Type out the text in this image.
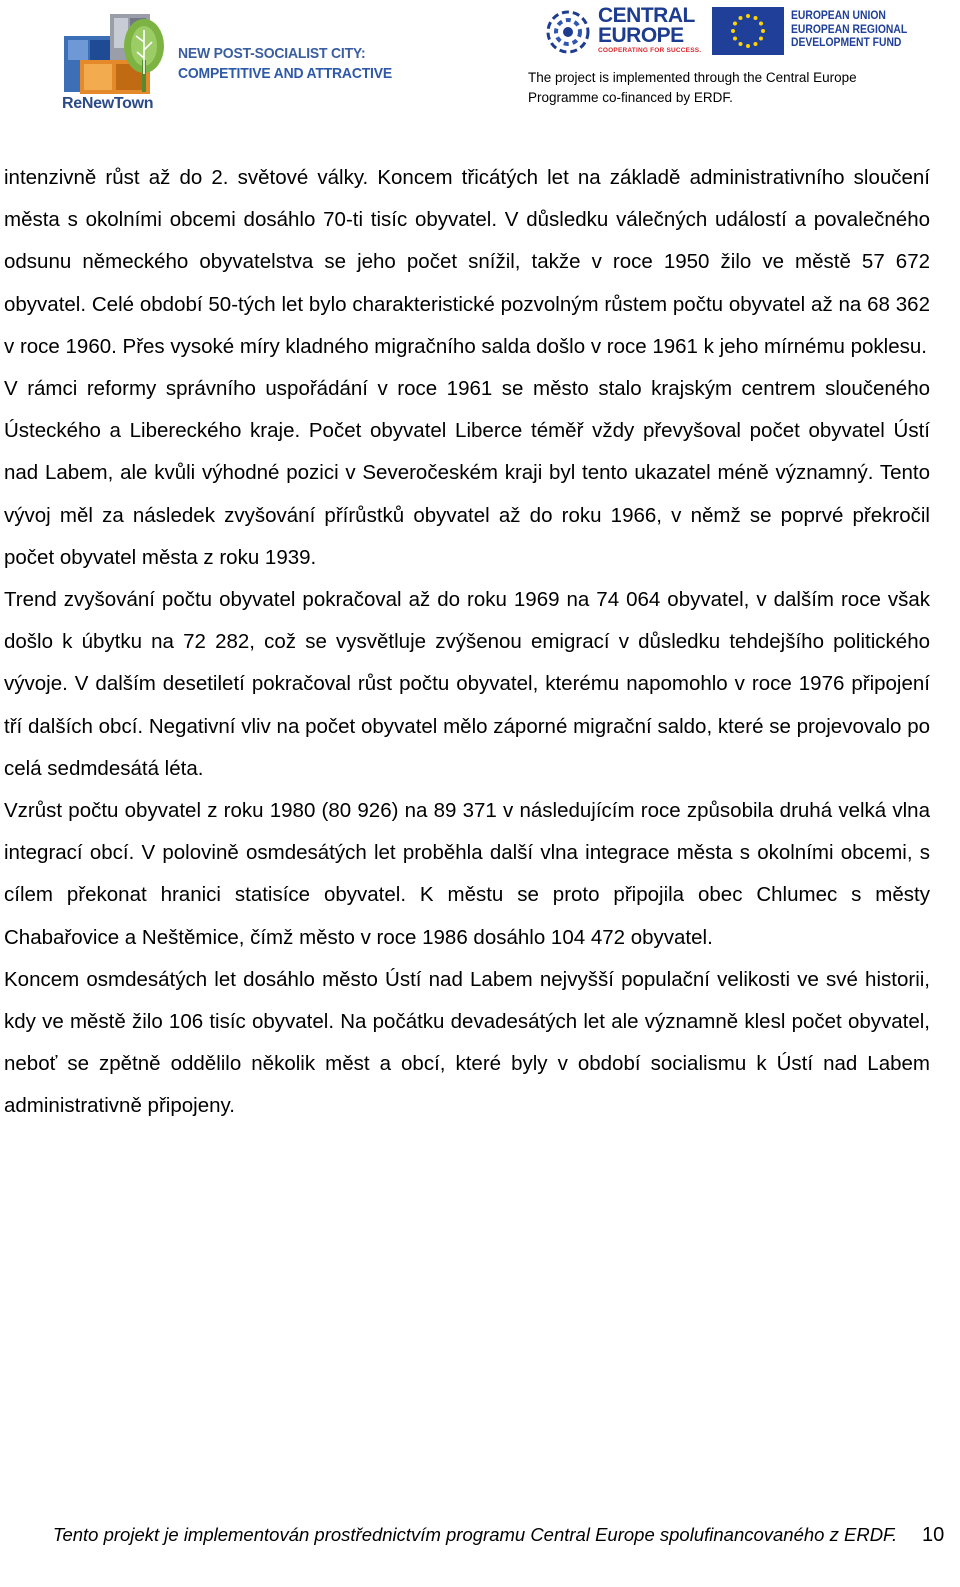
ReNewTown
NEW POST-SOCIALIST CITY:
COMPETITIVE AND ATTRACTIVE
CENTRAL
EUROPE
COOPERATING FOR SUCCESS.
EUROPEAN UNION
EUROPEAN REGIONAL
DEVELOPMENT FUND
The project is implemented through the Central Europe
Programme co-financed by ERDF.

intenzivně růst až do 2. světové války. Koncem třicátých let na základě administrativního sloučení města s okolními obcemi dosáhlo 70-ti tisíc obyvatel. V důsledku válečných událostí a povalečného odsunu německého obyvatelstva se jeho počet snížil, takže v roce 1950 žilo ve městě 57 672 obyvatel. Celé období 50-tých let bylo charakteristické pozvolným růstem počtu obyvatel až na 68 362 v roce 1960. Přes vysoké míry kladného migračního salda došlo v roce 1961 k jeho mírnému poklesu.

V rámci reformy správního uspořádání v roce 1961 se město stalo krajským centrem sloučeného Ústeckého a Libereckého kraje. Počet obyvatel Liberce téměř vždy převyšoval počet obyvatel Ústí nad Labem, ale kvůli výhodné pozici v Severočeském kraji byl tento ukazatel méně významný. Tento vývoj měl za následek zvyšování přírůstků obyvatel až do roku 1966, v němž se poprvé překročil počet obyvatel města z roku 1939.

Trend zvyšování počtu obyvatel pokračoval až do roku 1969 na 74 064 obyvatel, v dalším roce však došlo k úbytku na 72 282, což se vysvětluje zvýšenou emigrací v důsledku tehdejšího politického vývoje. V dalším desetiletí pokračoval růst počtu obyvatel, kterému napomohlo v roce 1976 připojení tří dalších obcí. Negativní vliv na počet obyvatel mělo záporné migrační saldo, které se projevovalo po celá sedmdesátá léta.

Vzrůst počtu obyvatel z roku 1980 (80 926) na 89 371 v následujícím roce způsobila druhá velká vlna integrací obcí. V polovině osmdesátých let proběhla další vlna integrace města s okolními obcemi, s cílem překonat hranici statisíce obyvatel. K městu se proto připojila obec Chlumec s městy Chabařovice a Neštěmice, čímž město v roce 1986 dosáhlo 104 472 obyvatel.

Koncem osmdesátých let dosáhlo město Ústí nad Labem nejvyšší populační velikosti ve své historii, kdy ve městě žilo 106 tisíc obyvatel. Na počátku devadesátých let ale významně klesl počet obyvatel, neboť se zpětně oddělilo několik měst a obcí, které byly v období socialismu k Ústí nad Labem administrativně připojeny.

Tento projekt je implementován prostřednictvím programu Central Europe spolufinancovaného z ERDF.	10
